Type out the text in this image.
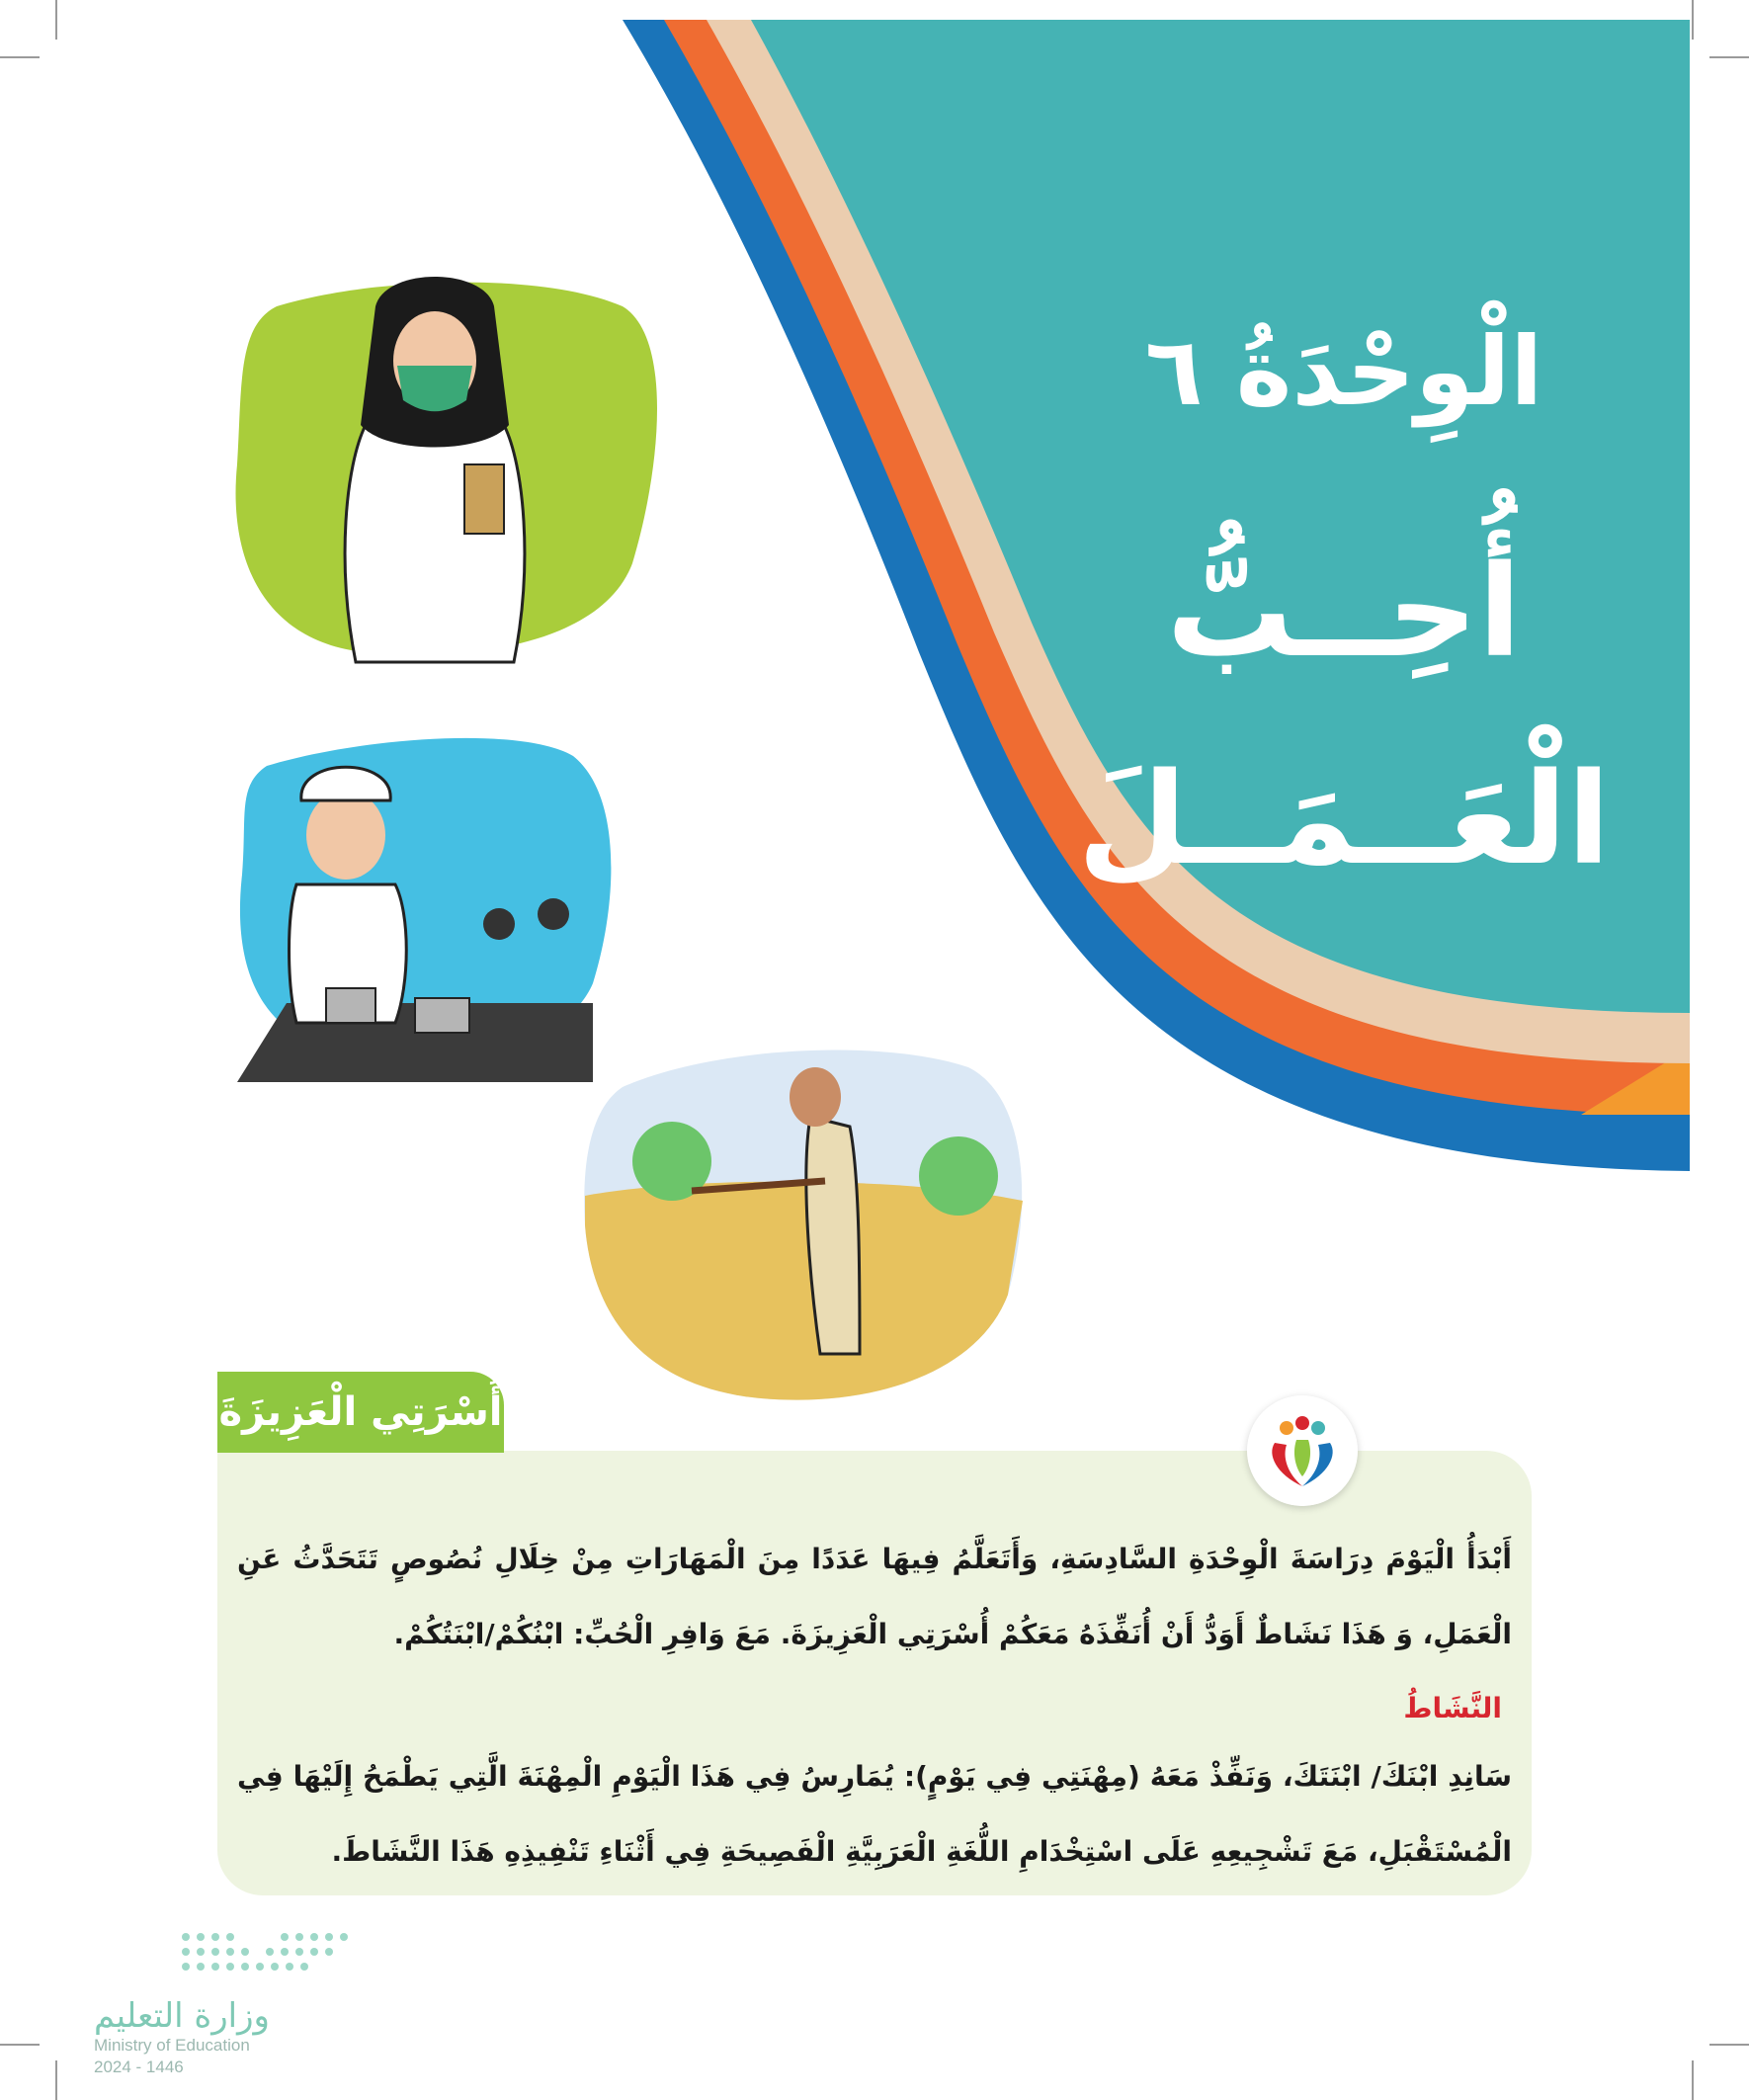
الْوِحْدَةُ ٦
أُحِــبُّ
الْعَــمَــلَ
أُسْرَتِي الْعَزِيزَةَ
أَبْدَأُ الْيَوْمَ دِرَاسَةَ الْوِحْدَةِ السَّادِسَةِ، وَأَتَعَلَّمُ فِيهَا عَدَدًا مِنَ الْمَهَارَاتِ مِنْ خِلَالِ نُصُوصٍ تَتَحَدَّثُ عَنِ الْعَمَلِ، وَ هَذَا نَشَاطٌ أَوَدُّ أَنْ أُنَفِّذَهُ مَعَكُمْ أُسْرَتِي الْعَزِيزَةَ. مَعَ وَافِرِ الْحُبِّ: ابْنُكُمْ/ابْنَتُكُمْ.
النَّشَاطُ
سَانِدِ ابْنَكَ/ ابْنَتَكَ، وَنَفِّذْ مَعَهُ (مِهْنَتِي فِي يَوْمٍ): يُمَارِسُ فِي هَذَا الْيَوْمِ الْمِهْنَةَ الَّتِي يَطْمَحُ إِلَيْهَا فِي الْمُسْتَقْبَلِ، مَعَ تَشْجِيعِهِ عَلَى اسْتِخْدَامِ اللُّغَةِ الْعَرَبِيَّةِ الْفَصِيحَةِ فِي أَثْنَاءِ تَنْفِيذِهِ هَذَا النَّشَاطَ.
وزارة التعليم
Ministry of Education
2024 - 1446
